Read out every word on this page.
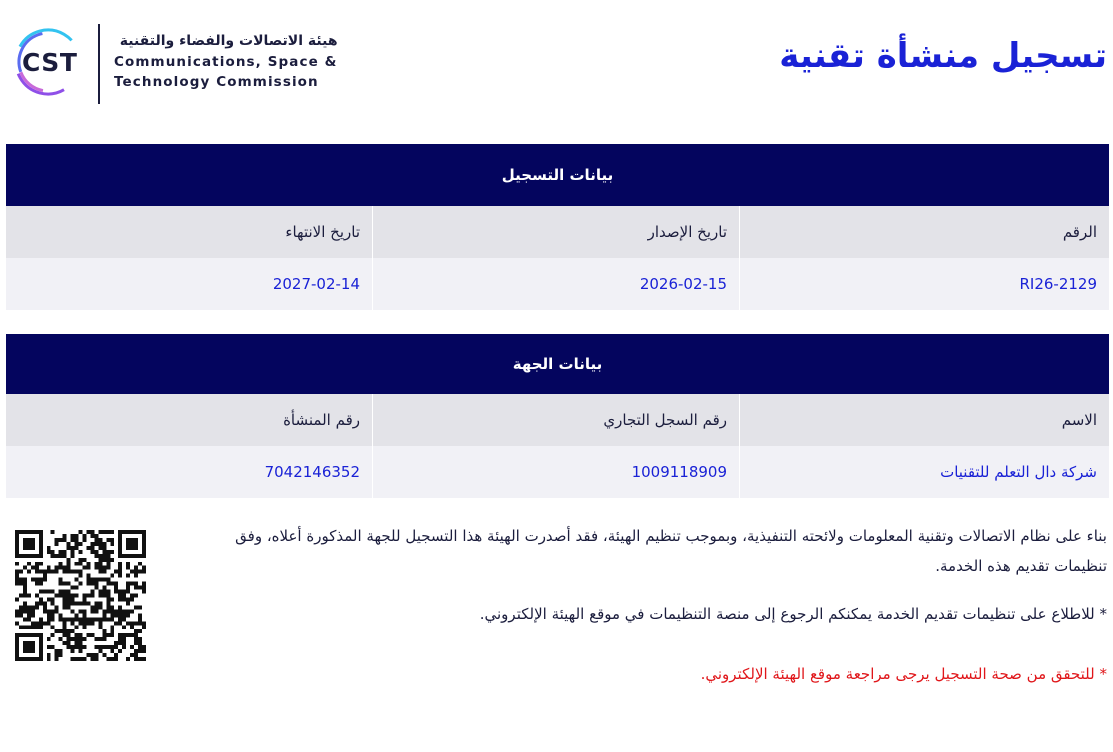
CST
هيئة الاتصالات والفضاء والتقنية
Communications, Space &
Technology Commission
تسجيل منشأة تقنية
بيانات التسجيل
الرقم
تاريخ الإصدار
تاريخ الانتهاء
RI26-2129
2026-02-15
2027-02-14
بيانات الجهة
الاسم
رقم السجل التجاري
رقم المنشأة
شركة دال التعلم للتقنيات
1009118909
7042146352

بناء على نظام الاتصالات وتقنية المعلومات ولائحته التنفيذية، وبموجب تنظيم الهيئة، فقد أصدرت الهيئة هذا التسجيل للجهة المذكورة أعلاه، وفق تنظيمات تقديم هذه الخدمة.

* للاطلاع على تنظيمات تقديم الخدمة يمكنكم الرجوع إلى منصة التنظيمات في موقع الهيئة الإلكتروني.

* للتحقق من صحة التسجيل يرجى مراجعة موقع الهيئة الإلكتروني.
